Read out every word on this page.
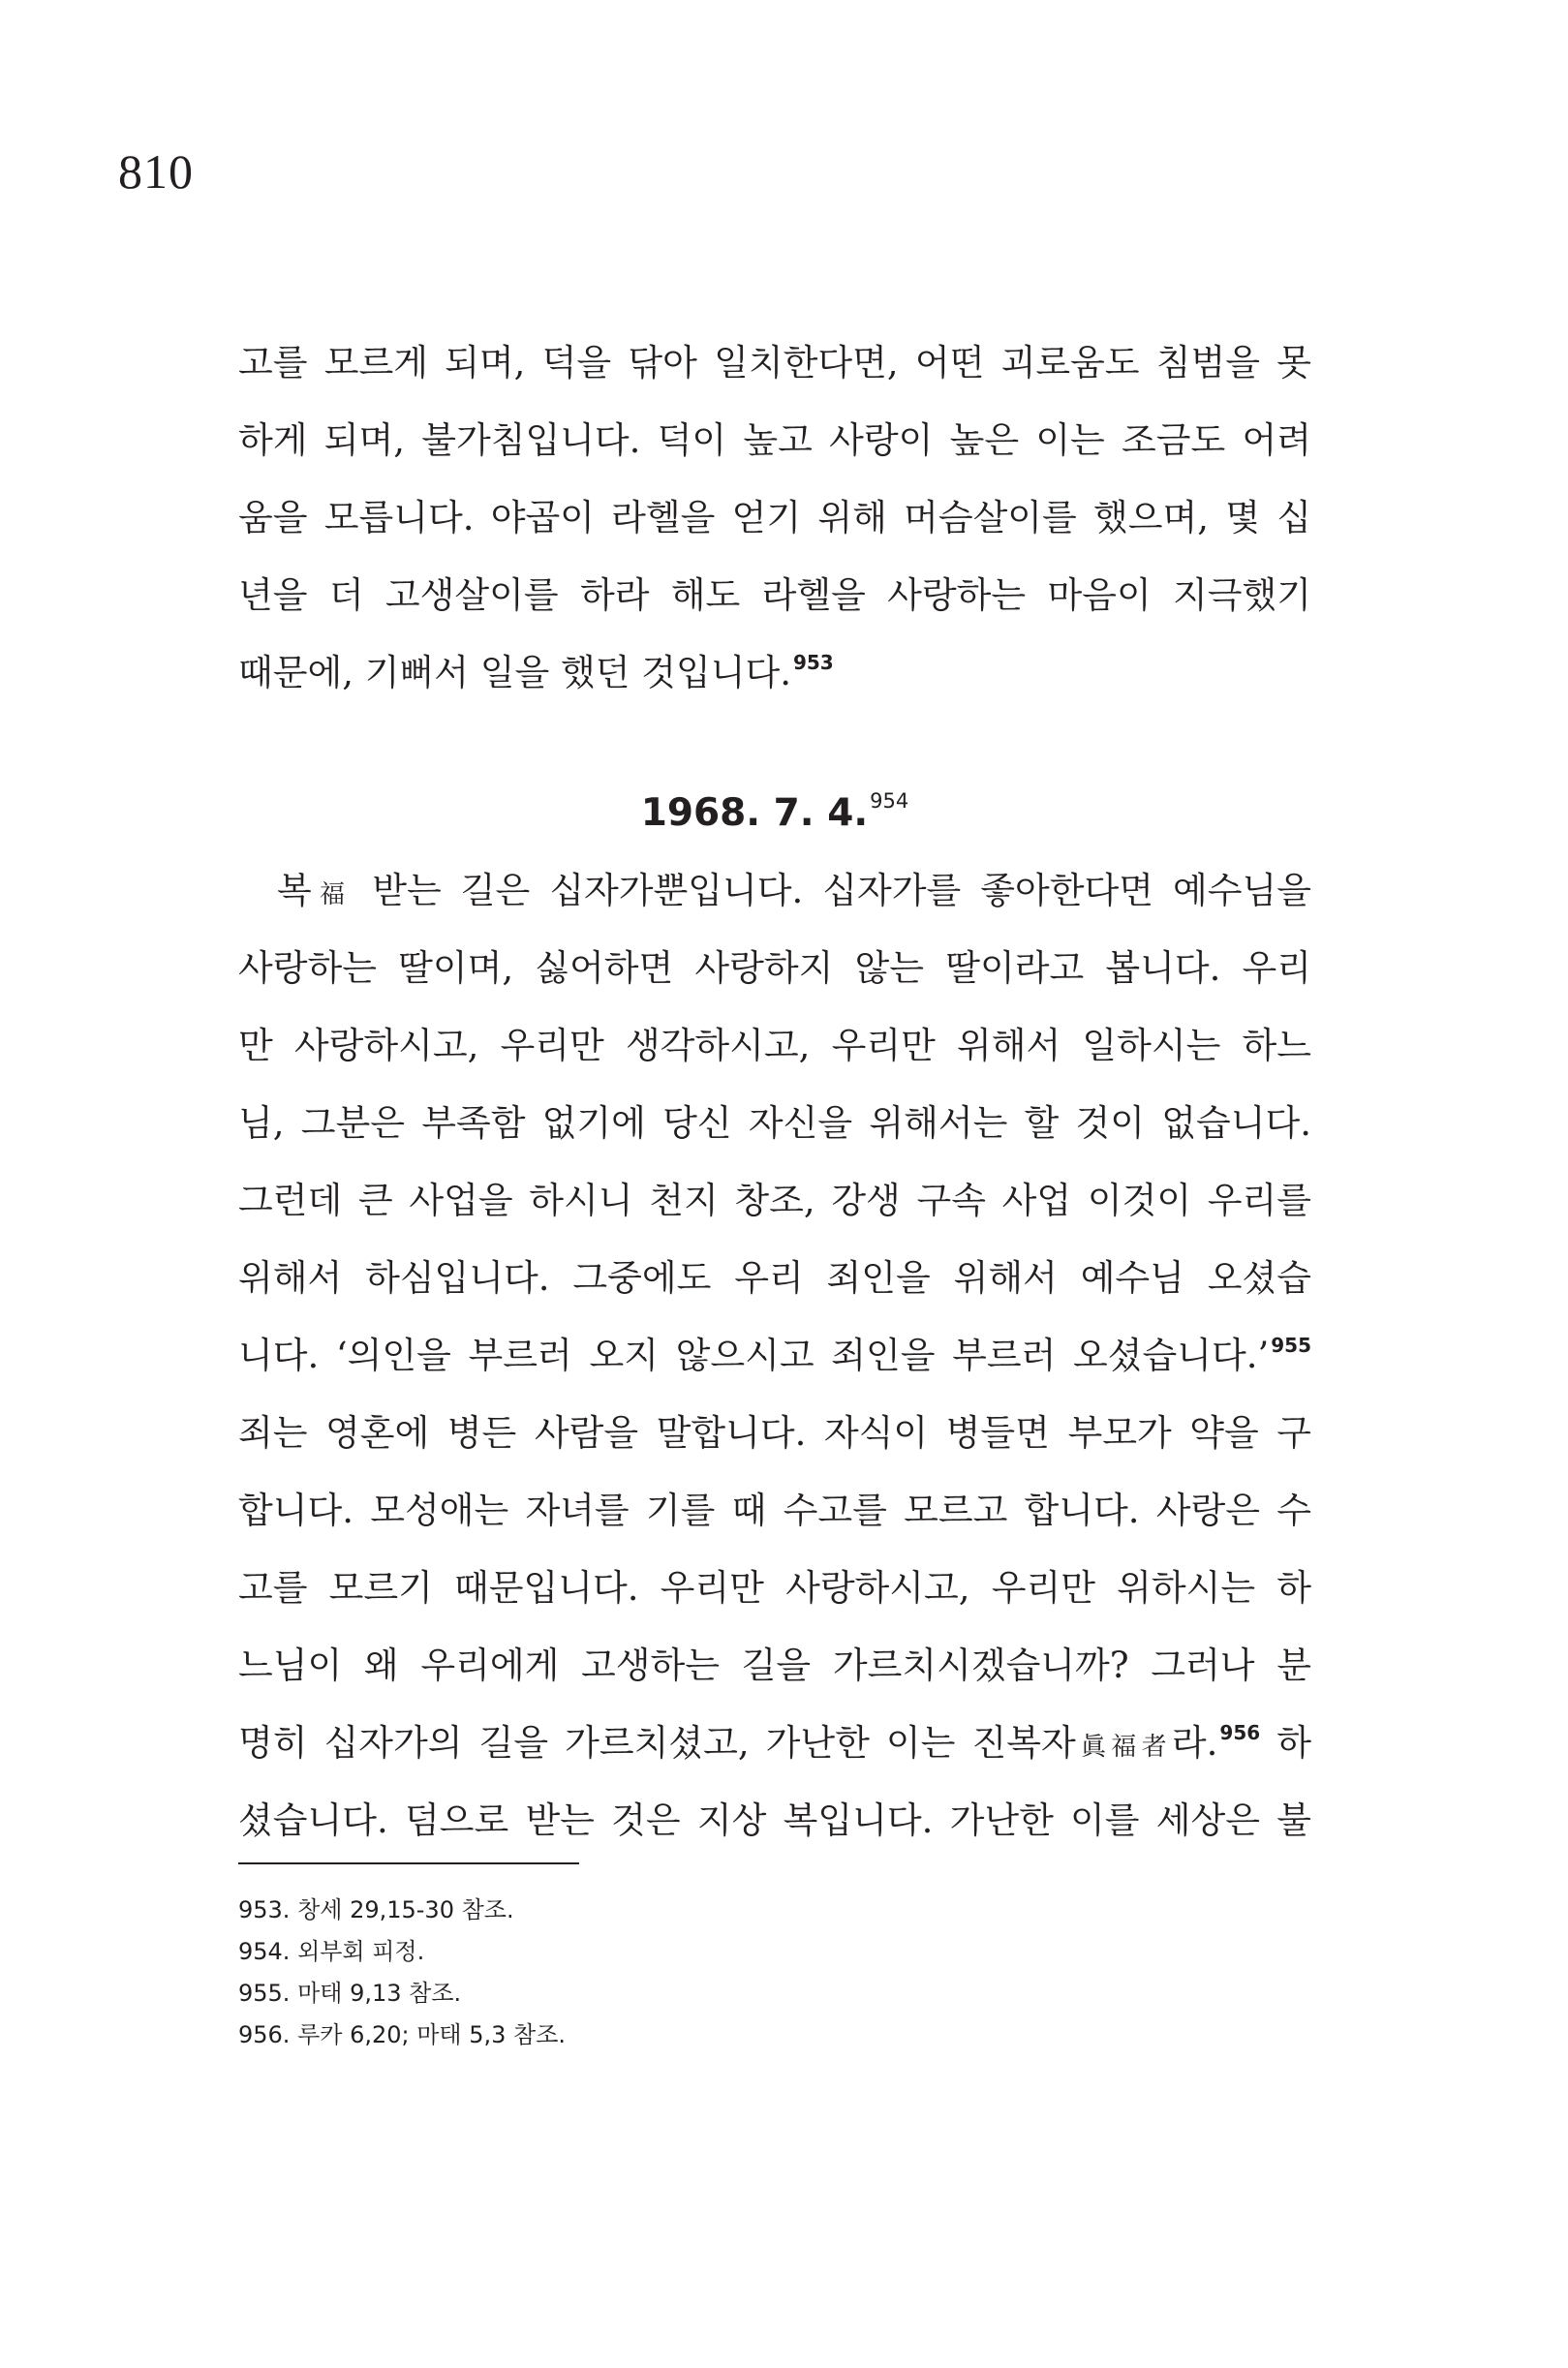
810
고를 모르게 되며, 덕을 닦아 일치한다면, 어떤 괴로움도 침범을 못
하게 되며, 불가침입니다. 덕이 높고 사랑이 높은 이는 조금도 어려
움을 모릅니다. 야곱이 라헬을 얻기 위해 머슴살이를 했으며, 몇 십
년을 더 고생살이를 하라 해도 라헬을 사랑하는 마음이 지극했기
때문에, 기뻐서 일을 했던 것입니다. $^{953}$
1968. 7. 4.$^{954}$
복福 받는 길은 십자가뿐입니다. 십자가를 좋아한다면 예수님을
사랑하는 딸이며, 싫어하면 사랑하지 않는 딸이라고 봅니다. 우리
만 사랑하시고, 우리만 생각하시고, 우리만 위해서 일하시는 하느
님, 그분은 부족함 없기에 당신 자신을 위해서는 할 것이 없습니다.
그런데 큰 사업을 하시니 천지 창조, 강생 구속 사업 이것이 우리를
위해서 하심입니다. 그중에도 우리 죄인을 위해서 예수님 오셨습
니다. ‘의인을 부르러 오지 않으시고 죄인을 부르러 오셨습니다.’ $^{955}$
죄는 영혼에 병든 사람을 말합니다. 자식이 병들면 부모가 약을 구
합니다. 모성애는 자녀를 기를 때 수고를 모르고 합니다. 사랑은 수
고를 모르기 때문입니다. 우리만 사랑하시고, 우리만 위하시는 하
느님이 왜 우리에게 고생하는 길을 가르치시겠습니까? 그러나 분
명히 십자가의 길을 가르치셨고, 가난한 이는 진복자眞福者라. $^{956}$ 하
셨습니다. 덤으로 받는 것은 지상 복입니다. 가난한 이를 세상은 불
953. 창세 29,15-30 참조.
954. 외부회 피정.
955. 마태 9,13 참조.
956. 루카 6,20; 마태 5,3 참조.
